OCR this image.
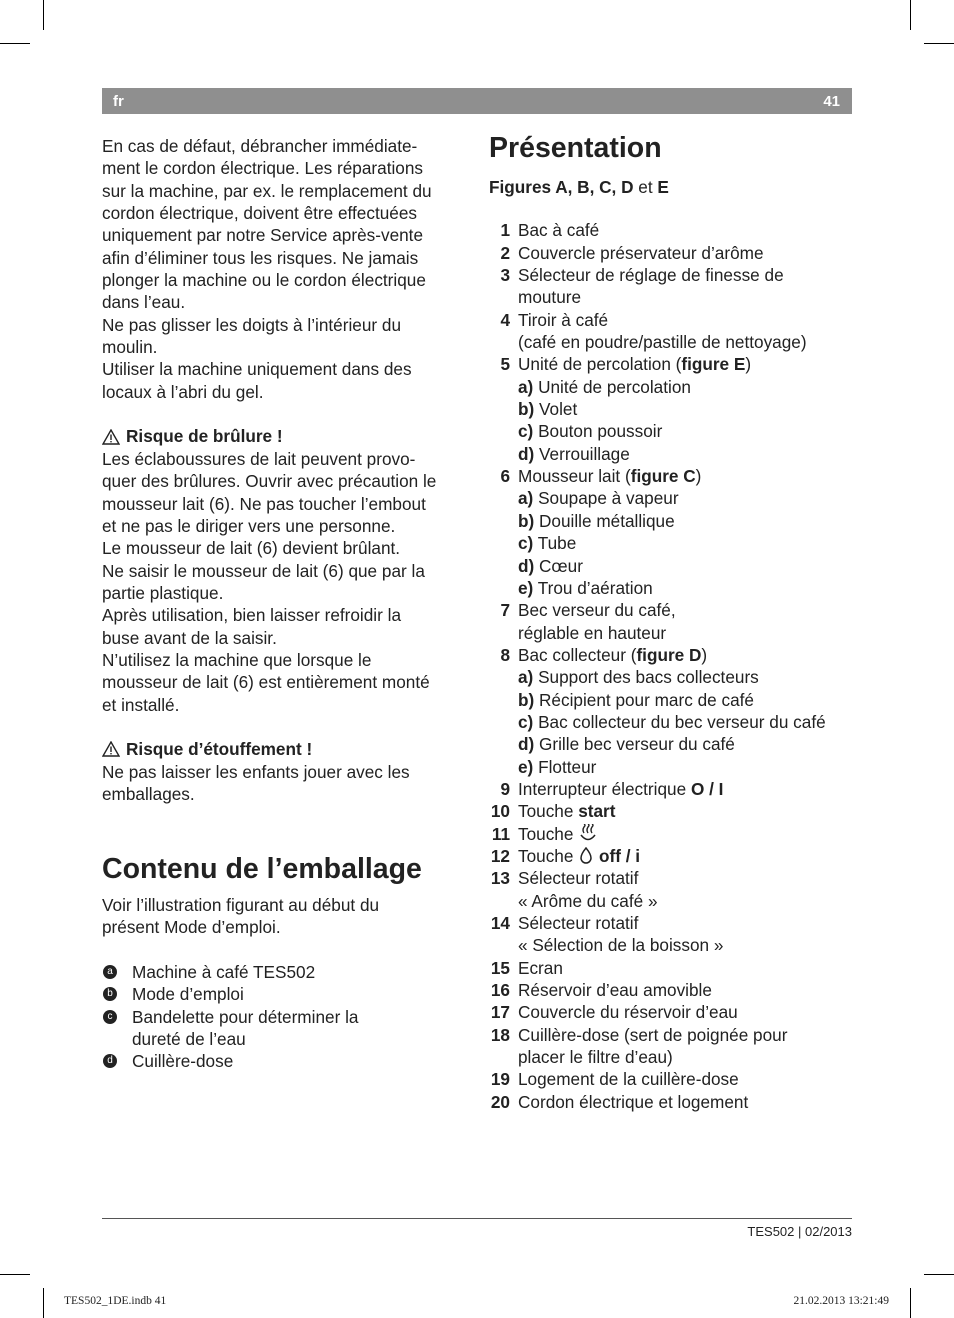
fr	41

En cas de défaut, débrancher immédiate-

ment le cordon électrique. Les réparations

sur la machine, par ex. le remplacement du

cordon électrique, doivent être effectuées

uniquement par notre Service après-vente

afin d’éliminer tous les risques. Ne jamais

plonger la machine ou le cordon électrique

dans l’eau.

Ne pas glisser les doigts à l’intérieur du

moulin.

Utiliser la machine uniquement dans des

locaux à l’abri du gel.

Risque de brûlure !

Les éclaboussures de lait peuvent provo-

quer des brûlures. Ouvrir avec précaution le

mousseur lait (6). Ne pas toucher l’embout

et ne pas le diriger vers une personne.

Le mousseur de lait (6) devient brûlant.

Ne saisir le mousseur de lait (6) que par la

partie plastique.

Après utilisation, bien laisser refroidir la

buse avant de la saisir.

N’utilisez la machine que lorsque le

mousseur de lait (6) est entièrement monté

et installé.

Risque d’étouffement !

Ne pas laisser les enfants jouer avec les

emballages.

Contenu de l’emballage

Voir l’illustration figurant au début du

présent Mode d’emploi.

a Machine à café TES502

b Mode d’emploi

c Bandelette pour déterminer la

dureté de l’eau

d Cuillère-dose

Présentation

Figures A, B, C, D et E

1 Bac à café
2 Couvercle préservateur d’arôme
3 Sélecteur de réglage de finesse de
mouture
4 Tiroir à café
(café en poudre/pastille de nettoyage)
5 Unité de percolation (figure E)
a) Unité de percolation
b) Volet
c) Bouton poussoir
d) Verrouillage
6 Mousseur lait (figure C)
a) Soupape à vapeur
b) Douille métallique
c) Tube
d) Cœur
e) Trou d’aération
7 Bec verseur du café,
réglable en hauteur
8 Bac collecteur (figure D)
a) Support des bacs collecteurs
b) Récipient pour marc de café
c) Bac collecteur du bec verseur du café
d) Grille bec verseur du café
e) Flotteur
9 Interrupteur électrique O / I
10 Touche start
11 Touche
12 Touche  off / i
13 Sélecteur rotatif
« Arôme du café »
14 Sélecteur rotatif
« Sélection de la boisson »
15 Ecran
16 Réservoir d’eau amovible
17 Couvercle du réservoir d’eau
18 Cuillère-dose (sert de poignée pour
placer le filtre d’eau)
19 Logement de la cuillère-dose
20 Cordon électrique et logement
TES502 | 02/2013
TES502_1DE.indb 41	21.02.2013 13:21:49
